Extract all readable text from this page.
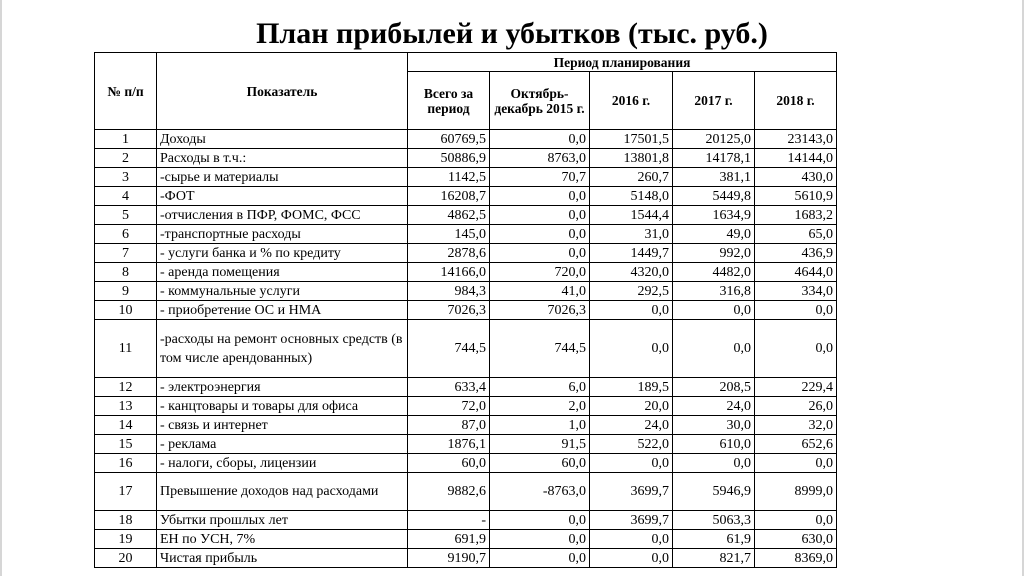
План прибылей и убытков (тыс. руб.)
№ п/п	Показатель	Период планирования				
		Всего за период	Октябрь-декабрь 2015 г.	2016 г.	2017 г.	2018 г.
1	Доходы	60769,5	0,0	17501,5	20125,0	23143,0
2	Расходы в т.ч.:	50886,9	8763,0	13801,8	14178,1	14144,0
3	-сырье и материалы	1142,5	70,7	260,7	381,1	430,0
4	-ФОТ	16208,7	0,0	5148,0	5449,8	5610,9
5	-отчисления в ПФР, ФОМС, ФСС	4862,5	0,0	1544,4	1634,9	1683,2
6	-транспортные расходы	145,0	0,0	31,0	49,0	65,0
7	- услуги банка и % по кредиту	2878,6	0,0	1449,7	992,0	436,9
8	- аренда помещения	14166,0	720,0	4320,0	4482,0	4644,0
9	- коммунальные услуги	984,3	41,0	292,5	316,8	334,0
10	- приобретение ОС и НМА	7026,3	7026,3	0,0	0,0	0,0
11	-расходы на ремонт основных средств (в том числе арендованных)	744,5	744,5	0,0	0,0	0,0
12	- электроэнергия	633,4	6,0	189,5	208,5	229,4
13	- канцтовары и товары для офиса	72,0	2,0	20,0	24,0	26,0
14	- связь и интернет	87,0	1,0	24,0	30,0	32,0
15	- реклама	1876,1	91,5	522,0	610,0	652,6
16	- налоги, сборы, лицензии	60,0	60,0	0,0	0,0	0,0
17	Превышение доходов над расходами	9882,6	-8763,0	3699,7	5946,9	8999,0
18	Убытки прошлых лет	-	0,0	3699,7	5063,3	0,0
19	ЕН по УСН, 7%	691,9	0,0	0,0	61,9	630,0
20	Чистая прибыль	9190,7	0,0	0,0	821,7	8369,0
